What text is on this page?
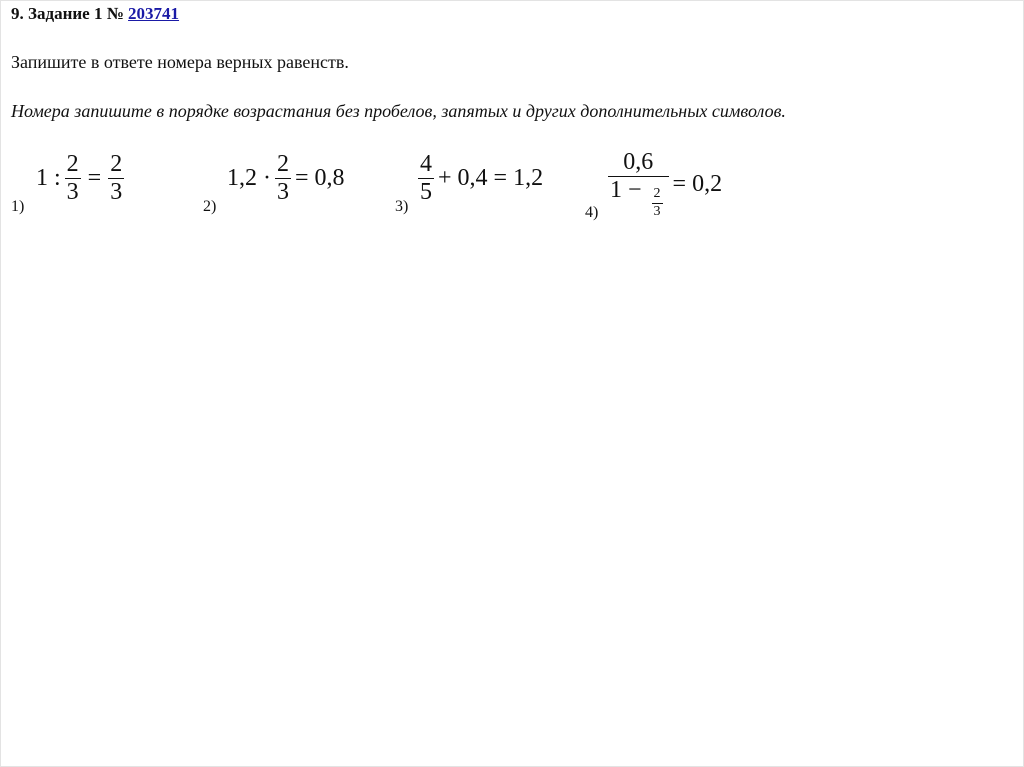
9. Задание 1 № 203741
Запишите в ответе номера верных равенств.
Номера запишите в порядке возрастания без пробелов, запятых и других дополнительных символов.
1)
1 : $\frac{2}{3} = \frac{2}{3}$
2)
$1,2 \cdot \frac{2}{3} = 0,8$
3)
$\frac{4}{5} + 0,4 = 1,2$
$4) \frac{0,6}{1 - \frac{2}{3}} = 0,2$
